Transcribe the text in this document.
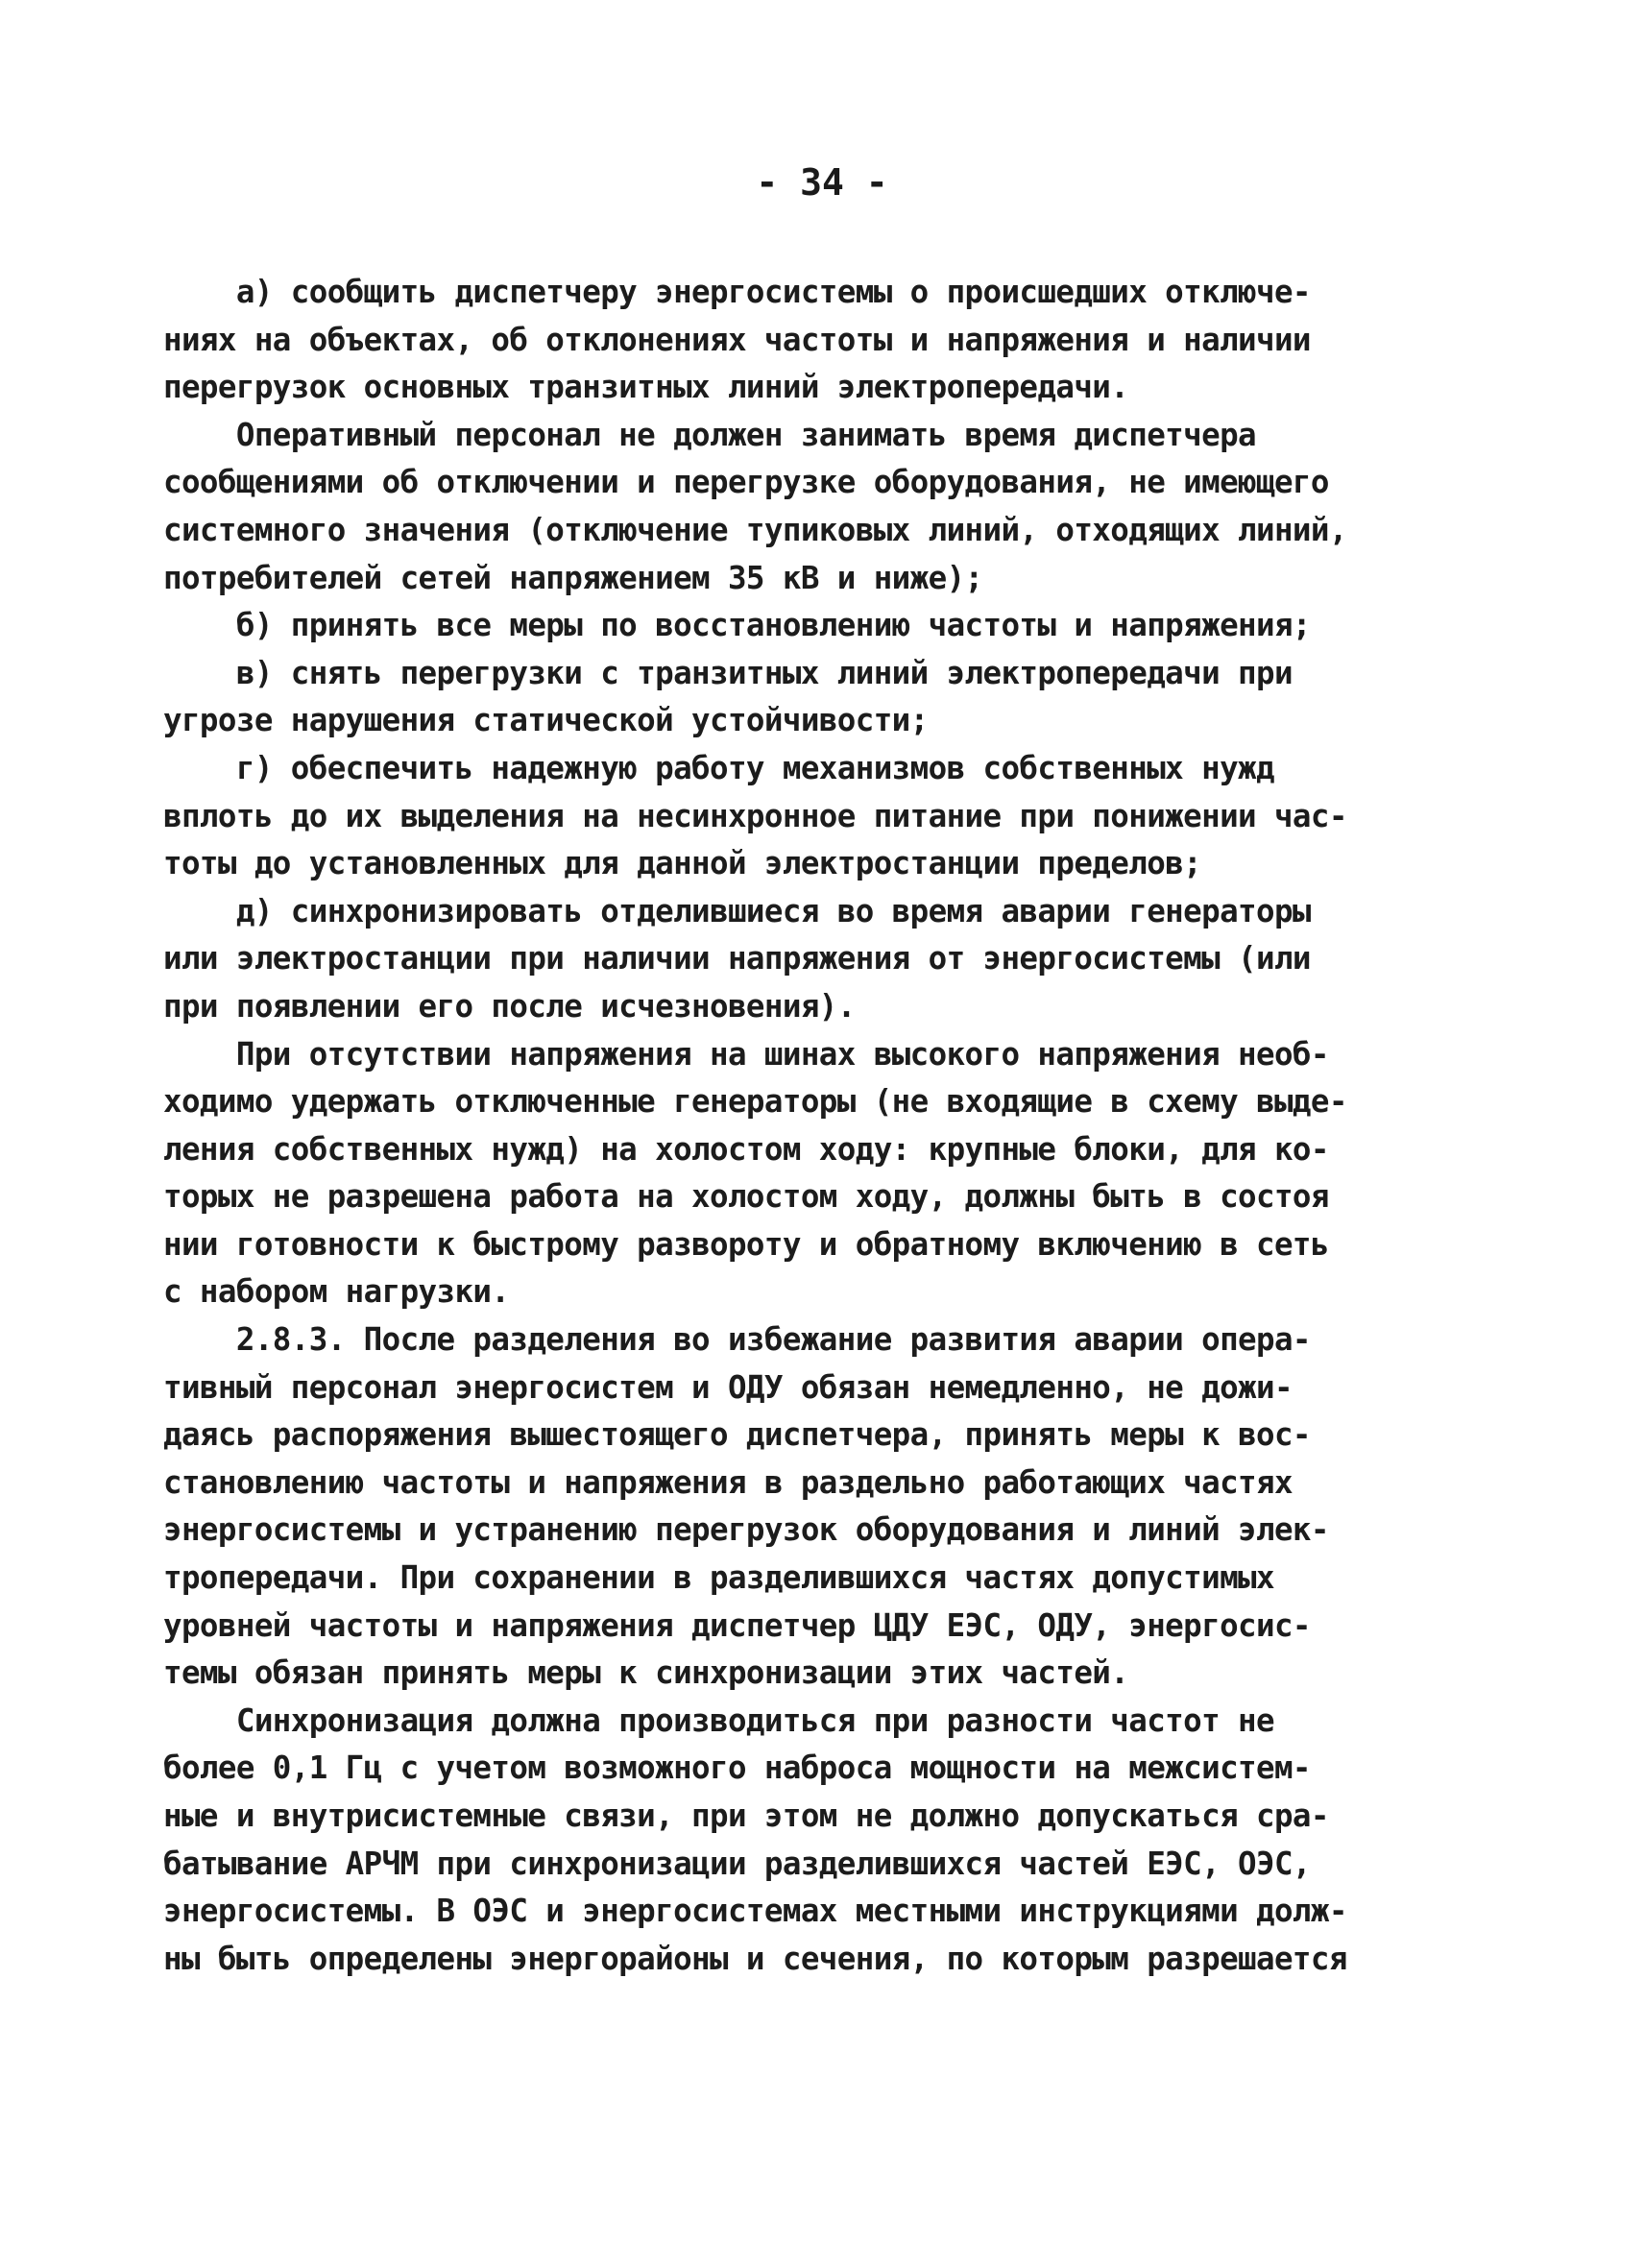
- 34 -
а) сообщить диспетчеру энергосистемы о происшедших отключе-
ниях на объектах, об отклонениях частоты и напряжения и наличии
перегрузок основных транзитных линий электропередачи.
Оперативный персонал не должен занимать время диспетчера
сообщениями об отключении и перегрузке оборудования, не имеющего
системного значения (отключение тупиковых линий, отходящих линий,
потребителей сетей напряжением 35 кВ и ниже);
б) принять все меры по восстановлению частоты и напряжения;
в) снять перегрузки с транзитных линий электропередачи при
угрозе нарушения статической устойчивости;
г) обеспечить надежную работу механизмов собственных нужд
вплоть до их выделения на несинхронное питание при понижении час-
тоты до установленных для данной электростанции пределов;
д) синхронизировать отделившиеся во время аварии генераторы
или электростанции при наличии напряжения от энергосистемы (или
при появлении его после исчезновения).
При отсутствии напряжения на шинах высокого напряжения необ-
ходимо удержать отключенные генераторы (не входящие в схему выде-
ления собственных нужд) на холостом ходу: крупные блоки, для ко-
торых не разрешена работа на холостом ходу, должны быть в состоя
нии готовности к быстрому развороту и обратному включению в сеть
с набором нагрузки.
2.8.3. После разделения во избежание развития аварии опера-
тивный персонал энергосистем и ОДУ обязан немедленно, не дожи-
даясь распоряжения вышестоящего диспетчера, принять меры к вос-
становлению частоты и напряжения в раздельно работающих частях
энергосистемы и устранению перегрузок оборудования и линий элек-
тропередачи. При сохранении в разделившихся частях допустимых
уровней частоты и напряжения диспетчер ЦДУ ЕЭС, ОДУ, энергосис-
темы обязан принять меры к синхронизации этих частей.
Синхронизация должна производиться при разности частот не
более 0,1 Гц с учетом возможного наброса мощности на межсистем-
ные и внутрисистемные связи, при этом не должно допускаться сра-
батывание АРЧМ при синхронизации разделившихся частей ЕЭС, ОЭС,
энергосистемы. В ОЭС и энергосистемах местными инструкциями долж-
ны быть определены энергорайоны и сечения, по которым разрешается
